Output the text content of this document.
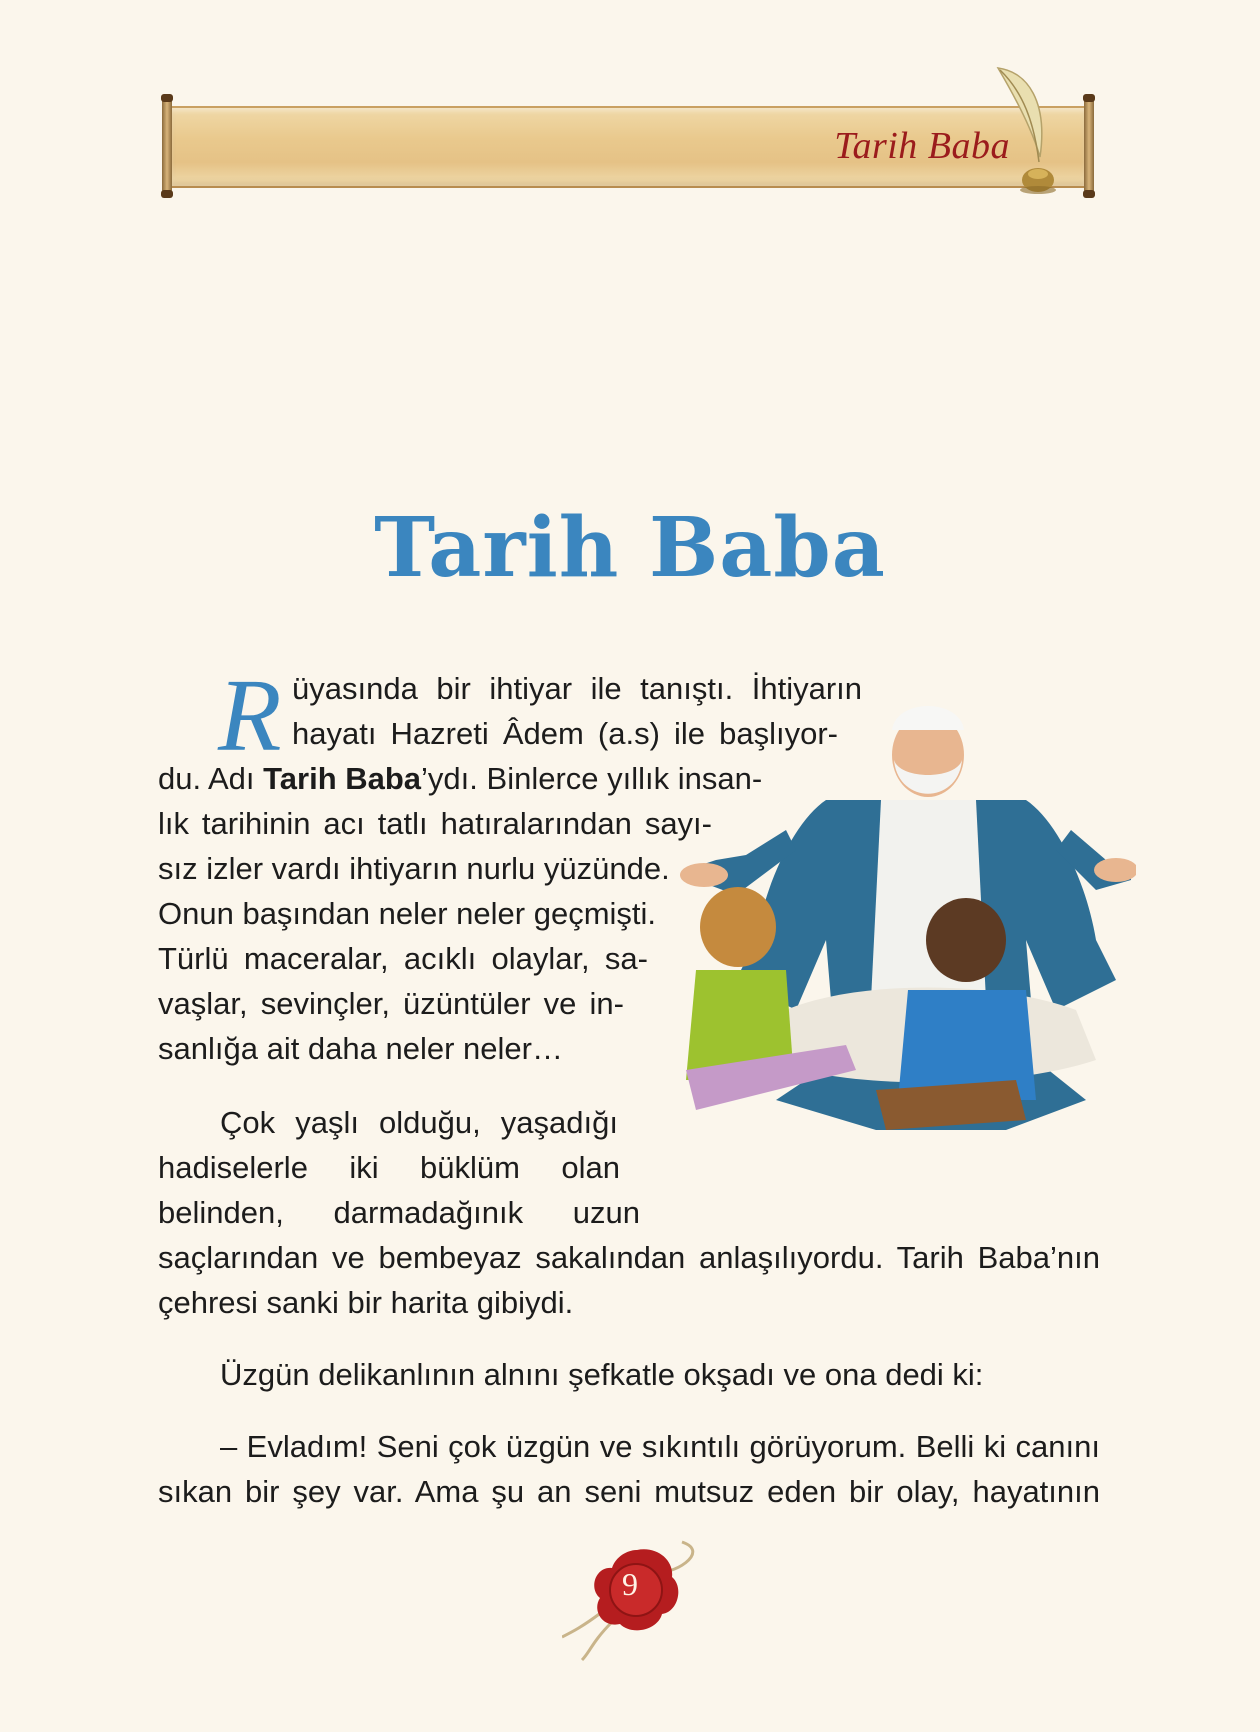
Tarih Baba
Tarih Baba
R üyasında bir ihtiyar ile tanıştı. İhtiyarın
hayatı Hazreti Âdem (a.s) ile başlıyor-
du. Adı Tarih Baba’ydı. Binlerce yıllık insan-
lık tarihinin acı tatlı hatıralarından sayı-
sız izler vardı ihtiyarın nurlu yüzünde.
Onun başından neler neler geçmişti.
Türlü maceralar, acıklı olaylar, sa-
vaşlar, sevinçler, üzüntüler ve in-
sanlığa ait daha neler neler…
Çok yaşlı olduğu, yaşadığı
hadiselerle iki büklüm olan
belinden, darmadağınık uzun
saçlarından ve bembeyaz sakalından anlaşılıyordu. Tarih Baba’nın
çehresi sanki bir harita gibiydi.
Üzgün delikanlının alnını şefkatle okşadı ve ona dedi ki:
– Evladım! Seni çok üzgün ve sıkıntılı görüyorum. Belli ki canını
sıkan bir şey var. Ama şu an seni mutsuz eden bir olay, hayatının
9
